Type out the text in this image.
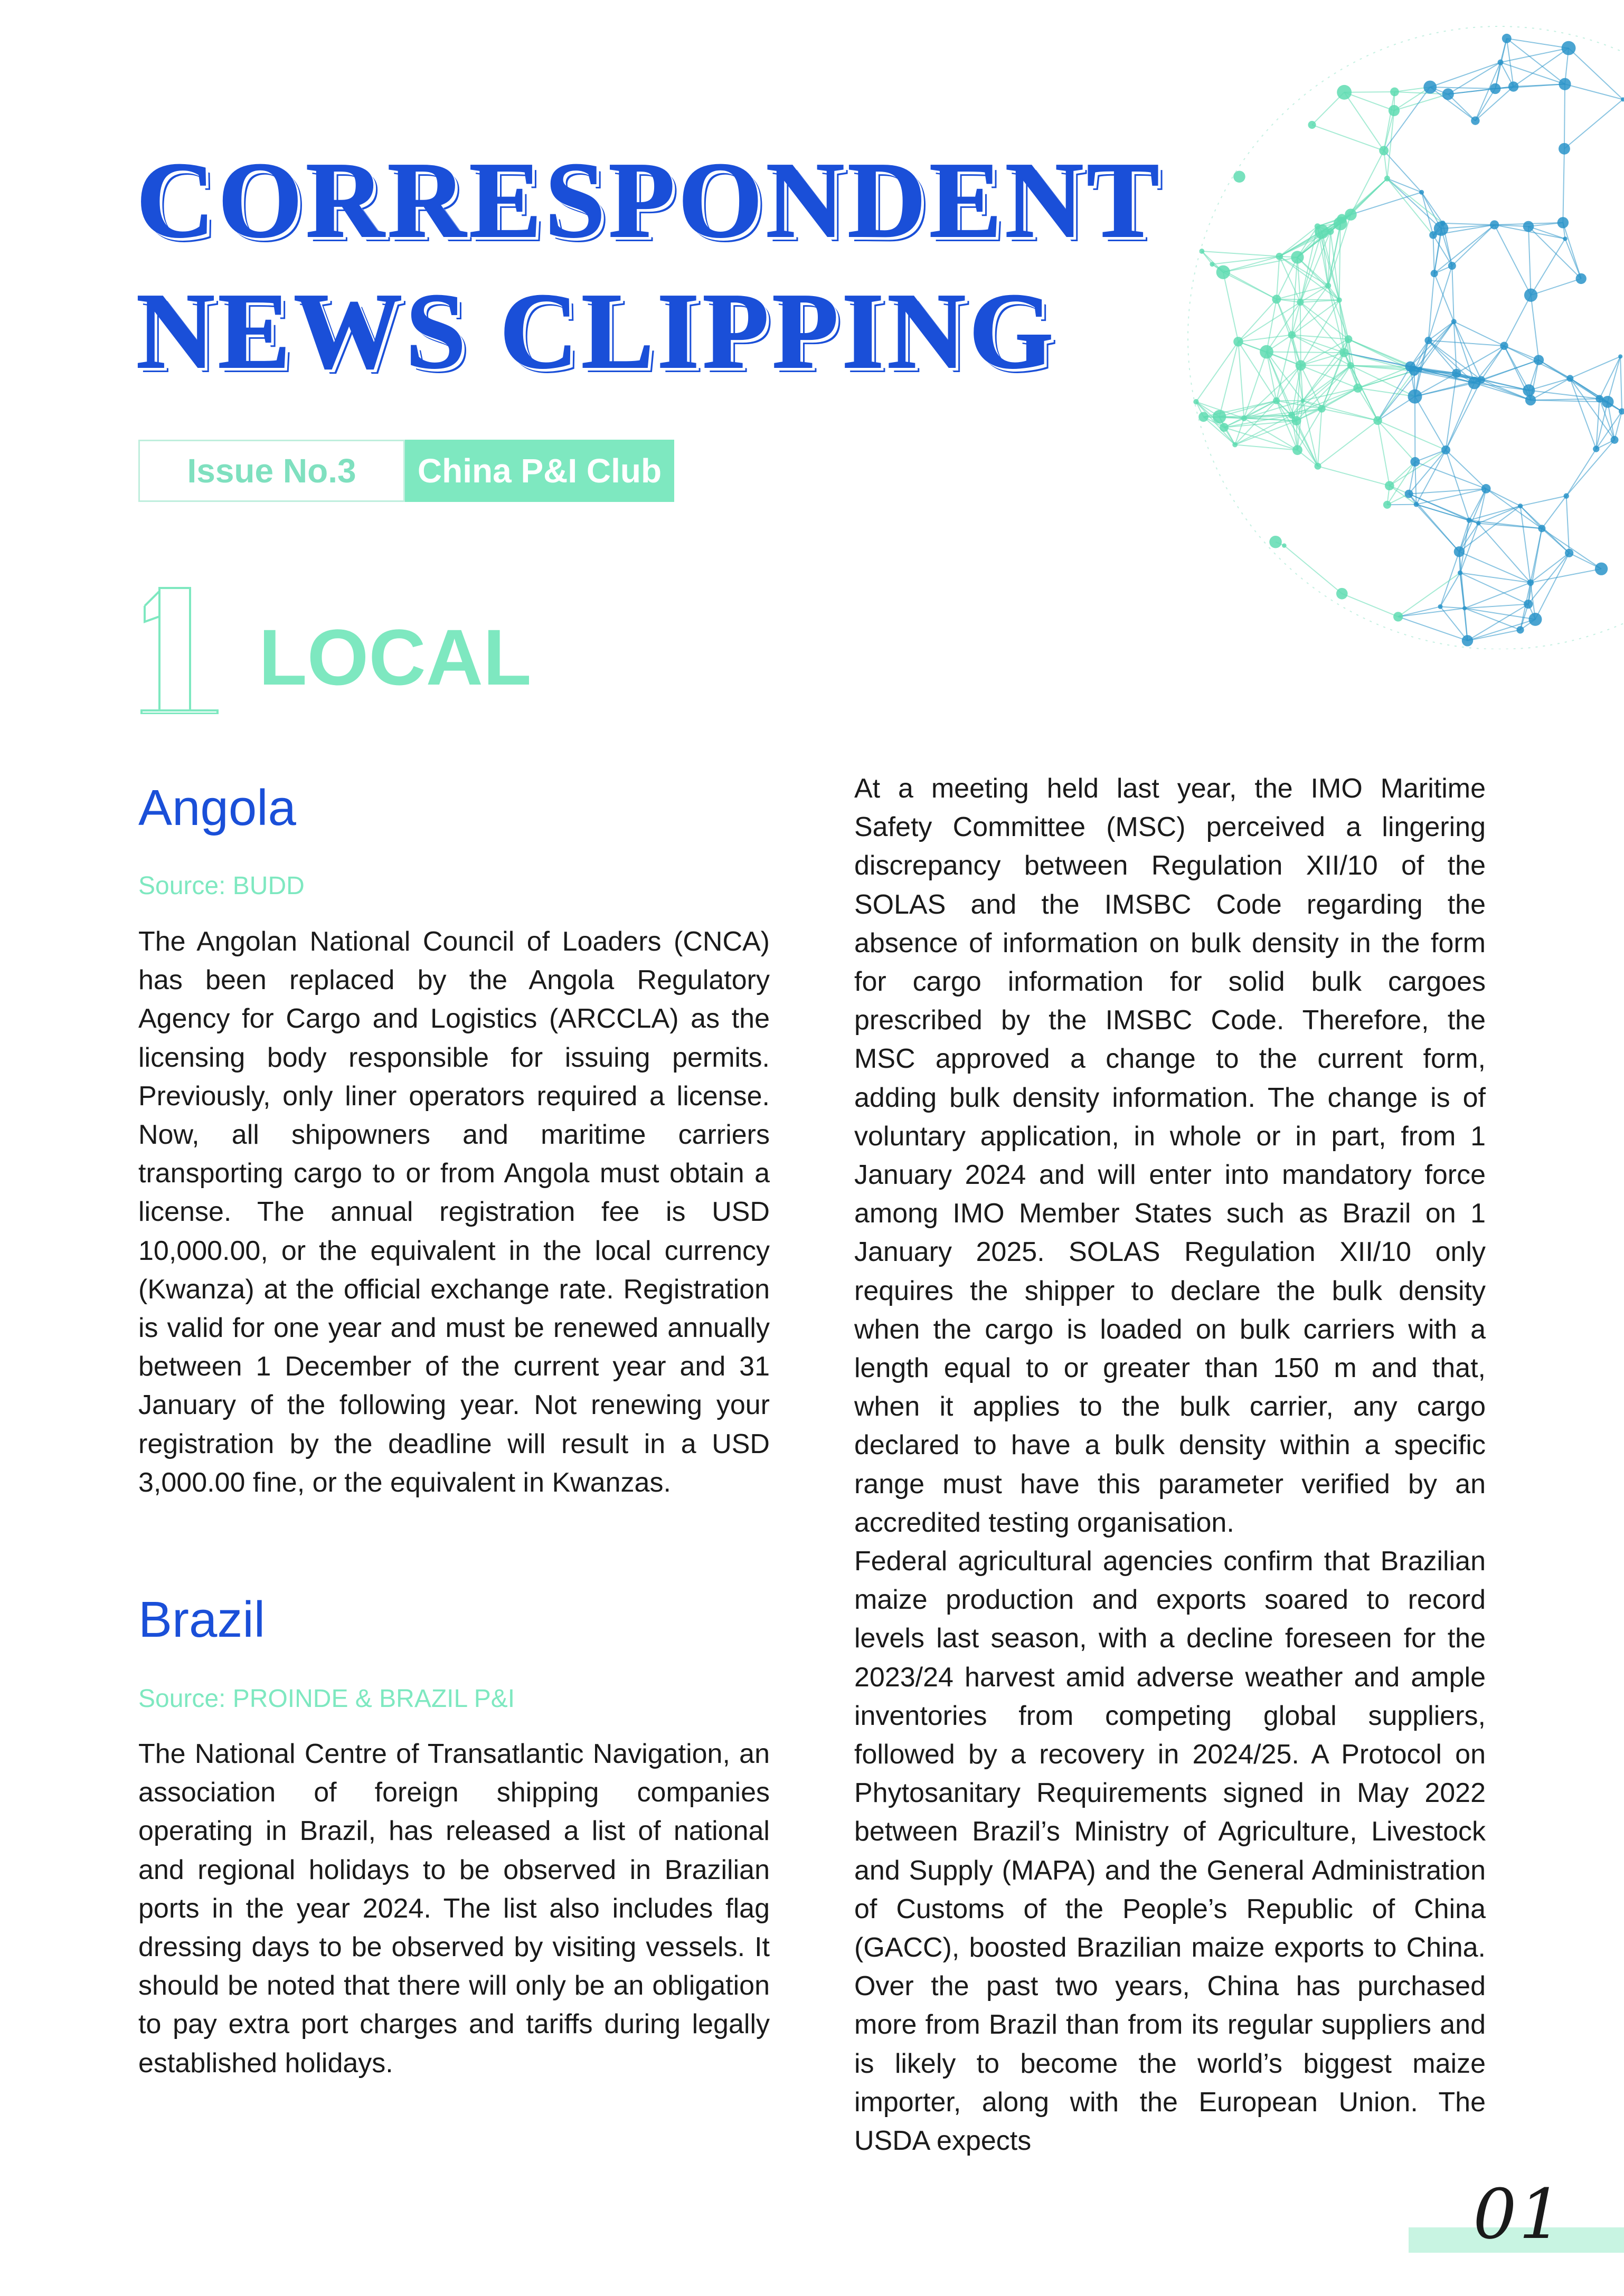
CORRESPONDENT
NEWS CLIPPING
Issue No.3	China P&I Club
LOCAL
Angola
Source: BUDD

The Angolan National Council of Loaders (CNCA) has been replaced by the Angola Regulatory Agency for Cargo and Logistics (ARCCLA) as the licensing body responsible for issuing permits. Previously, only liner operators required a license. Now, all shipowners and maritime carriers transporting cargo to or from Angola must obtain a license. The annual registration fee is USD 10,000.00, or the equivalent in the local currency (Kwanza) at the official exchange rate. Registration is valid for one year and must be renewed annually between 1 December of the current year and 31 January of the following year. Not renewing your registration by the deadline will result in a USD 3,000.00 fine, or the equivalent in Kwanzas.

Brazil
Source: PROINDE & BRAZIL P&I

The National Centre of Transatlantic Navigation, an association of foreign shipping companies operating in Brazil, has released a list of national and regional holidays to be observed in Brazilian ports in the year 2024. The list also includes flag dressing days to be observed by visiting vessels. It should be noted that there will only be an obligation to pay extra port charges and tariffs during legally established holidays.

At a meeting held last year, the IMO Maritime Safety Committee (MSC) perceived a lingering discrepancy between Regulation XII/10 of the SOLAS and the IMSBC Code regarding the absence of information on bulk density in the form for cargo information for solid bulk cargoes prescribed by the IMSBC Code. Therefore, the MSC approved a change to the current form, adding bulk density information. The change is of voluntary application, in whole or in part, from 1 January 2024 and will enter into mandatory force among IMO Member States such as Brazil on 1 January 2025. SOLAS Regulation XII/10 only requires the shipper to declare the bulk density when the cargo is loaded on bulk carriers with a length equal to or greater than 150 m and that, when it applies to the bulk carrier, any cargo declared to have a bulk density within a specific range must have this parameter verified by an accredited testing organisation.

Federal agricultural agencies confirm that Brazilian maize production and exports soared to record levels last season, with a decline foreseen for the 2023/24 harvest amid adverse weather and ample inventories from competing global suppliers, followed by a recovery in 2024/25. A Protocol on Phytosanitary Requirements signed in May 2022 between Brazil’s Ministry of Agriculture, Livestock and Supply (MAPA) and the General Administration of Customs of the People’s Republic of China (GACC), boosted Brazilian maize exports to China. Over the past two years, China has purchased more from Brazil than from its regular suppliers and is likely to become the world’s biggest maize importer, along with the European Union. The USDA expects

01
